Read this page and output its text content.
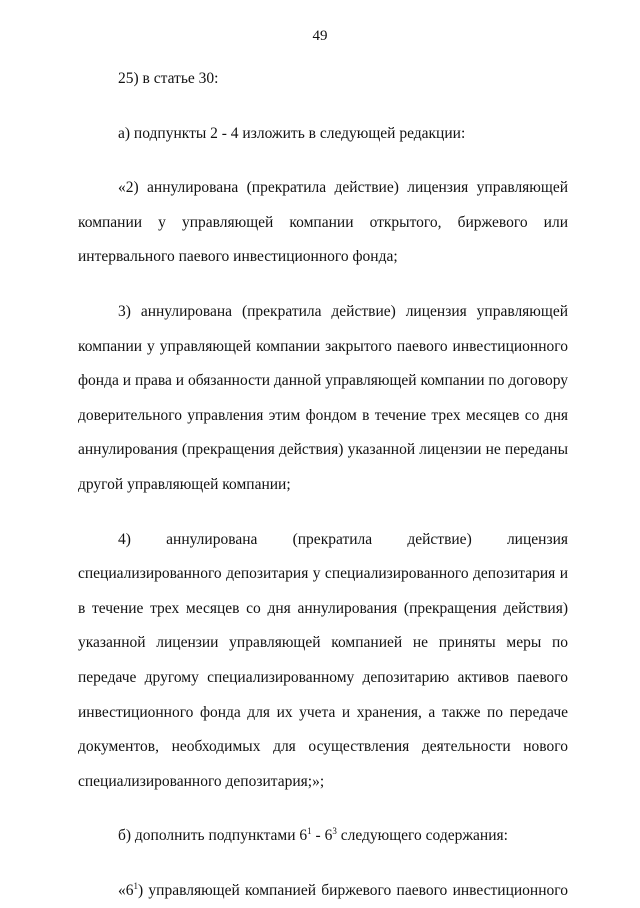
49

25) в статье 30:

а) подпункты 2 - 4 изложить в следующей редакции:

«2) аннулирована (прекратила действие) лицензия управляющей компании у управляющей компании открытого, биржевого или интервального паевого инвестиционного фонда;

3) аннулирована (прекратила действие) лицензия управляющей компании у управляющей компании закрытого паевого инвестиционного фонда и права и обязанности данной управляющей компании по договору доверительного управления этим фондом в течение трех месяцев со дня аннулирования (прекращения действия) указанной лицензии не переданы другой управляющей компании;

4) аннулирована (прекратила действие) лицензия специализированного депозитария у специализированного депозитария и в течение трех месяцев со дня аннулирования (прекращения действия) указанной лицензии управляющей компанией не приняты меры по передаче другому специализированному депозитарию активов паевого инвестиционного фонда для их учета и хранения, а также по передаче документов, необходимых для осуществления деятельности нового специализированного депозитария;»;

б) дополнить подпунктами $6^1 - 6^3$ следующего содержания:

«$6^1$) управляющей компанией биржевого паевого инвестиционного
